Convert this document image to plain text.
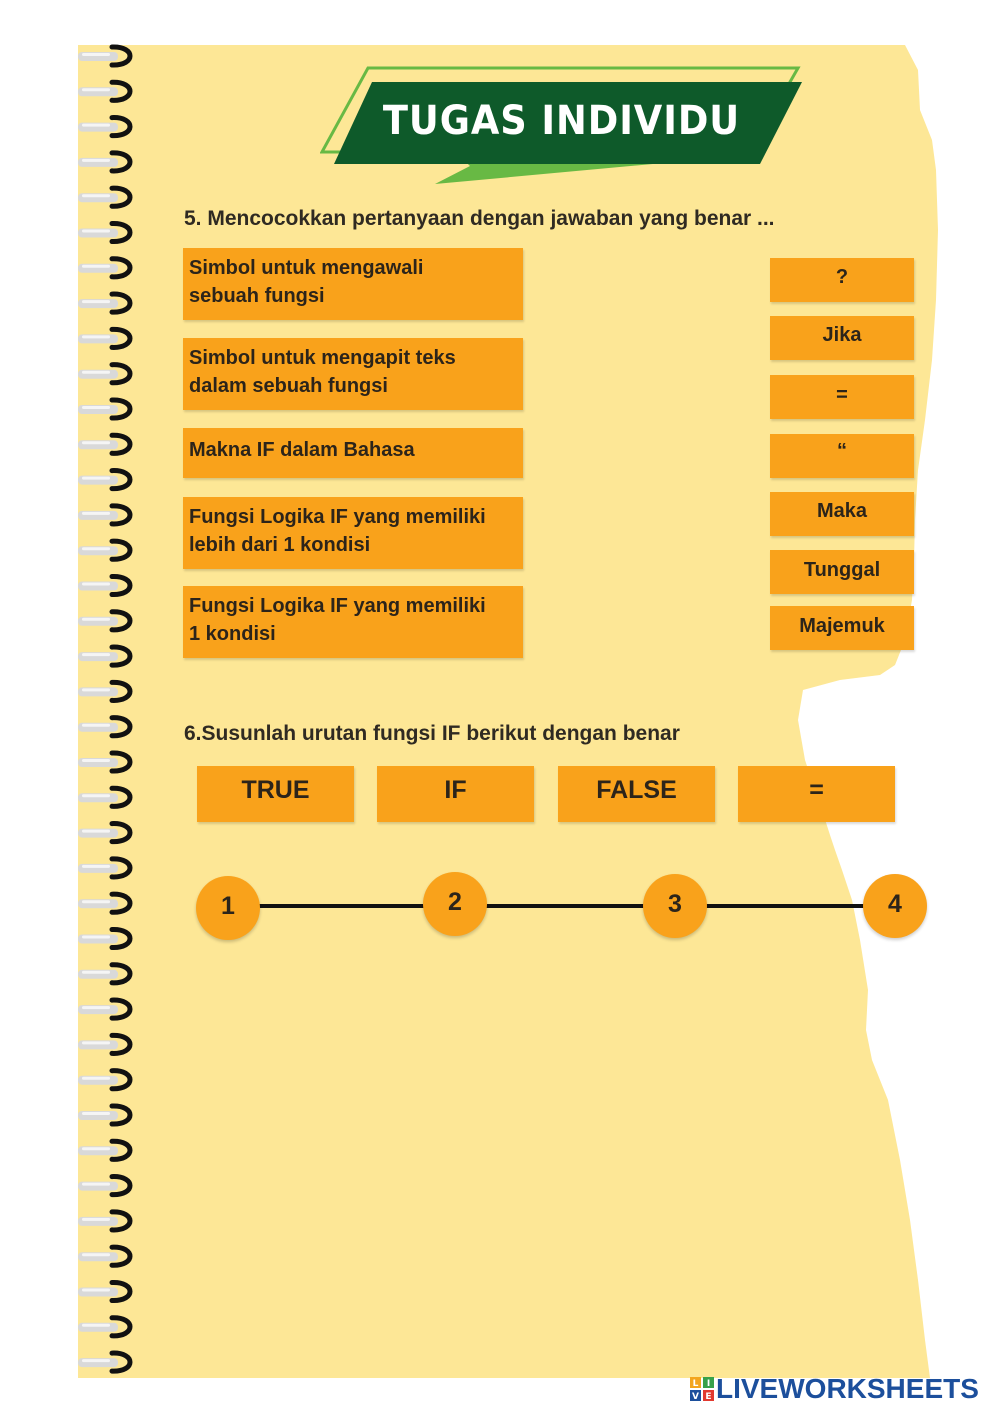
TUGAS INDIVIDU
5. Mencocokkan pertanyaan dengan jawaban yang benar ...
Simbol untuk mengawali
sebuah fungsi
Simbol untuk mengapit teks
dalam sebuah fungsi
Makna IF dalam Bahasa
Fungsi Logika IF yang memiliki
lebih dari 1 kondisi
Fungsi Logika IF yang memiliki
1 kondisi
?
Jika
=
“
Maka
Tunggal
Majemuk
6.Susunlah urutan fungsi IF berikut dengan benar
TRUE	IF	FALSE	=
1	2	3	4
L I
V E LIVEWORKSHEETS
